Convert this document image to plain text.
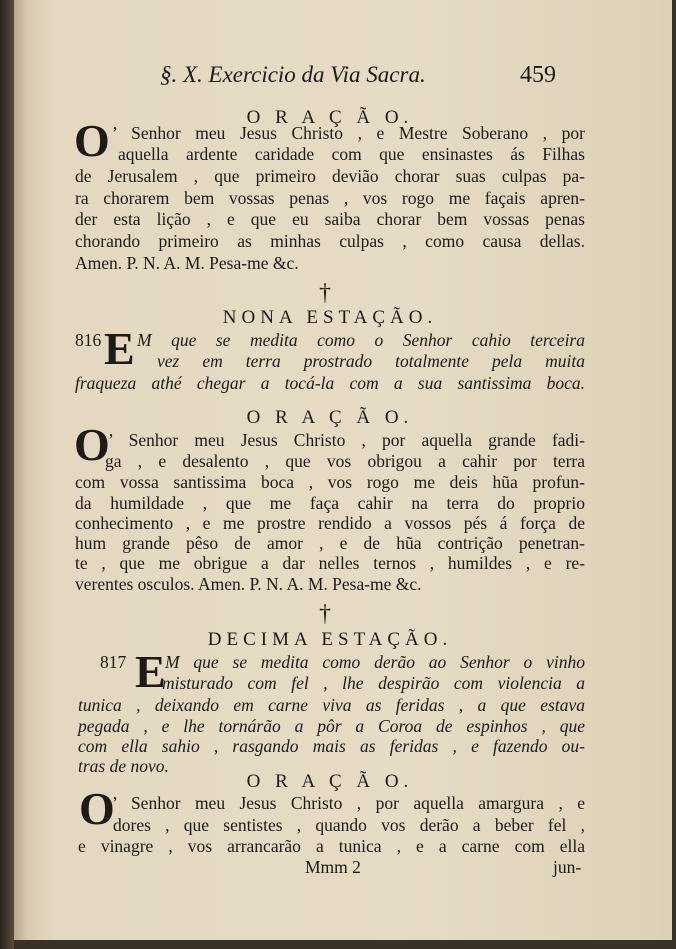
§. X. Exercicio da Via Sacra.	459
O R A Ç Ã O.
O ’ Senhor meu Jesus Christo , e Mestre Soberano , por
aquella ardente caridade com que ensinastes ás Filhas
de Jerusalem , que primeiro devião chorar suas culpas pa-
ra chorarem bem vossas penas , vos rogo me façais apren-
der esta lição , e que eu saiba chorar bem vossas penas
chorando primeiro as minhas culpas , como causa dellas.
Amen. P. N. A. M. Pesa-me &c.
†
NONA ESTAÇÃO.
816 E M que se medita como o Senhor cahio terceira
vez em terra prostrado totalmente pela muita
fraqueza athé chegar a tocá-la com a sua santissima boca.
O R A Ç Ã O.
O
’ Senhor meu Jesus Christo , por aquella grande fadi-
ga , e desalento , que vos obrigou a cahir por terra
com vossa santissima boca , vos rogo me deis hũa profun-
da humildade , que me faça cahir na terra do proprio
conhecimento , e me prostre rendido a vossos pés á força de
hum grande pêso de amor , e de hũa contrição penetran-
te , que me obrigue a dar nelles ternos , humildes , e re-
verentes osculos. Amen. P. N. A. M. Pesa-me &c.
†
DECIMA ESTAÇÃO.
817 E M que se medita como derão ao Senhor o vinho
misturado com fel , lhe despirão com violencia a
tunica , deixando em carne viva as feridas , a que estava
pegada , e lhe tornárão a pôr a Coroa de espinhos , que
com ella sahio , rasgando mais as feridas , e fazendo ou-
tras de novo.
O R A Ç Ã O.
O
’ Senhor meu Jesus Christo , por aquella amargura , e
dores , que sentistes , quando vos derão a beber fel ,
e vinagre , vos arrancarão a tunica , e a carne com ella
Mmm 2	jun-
